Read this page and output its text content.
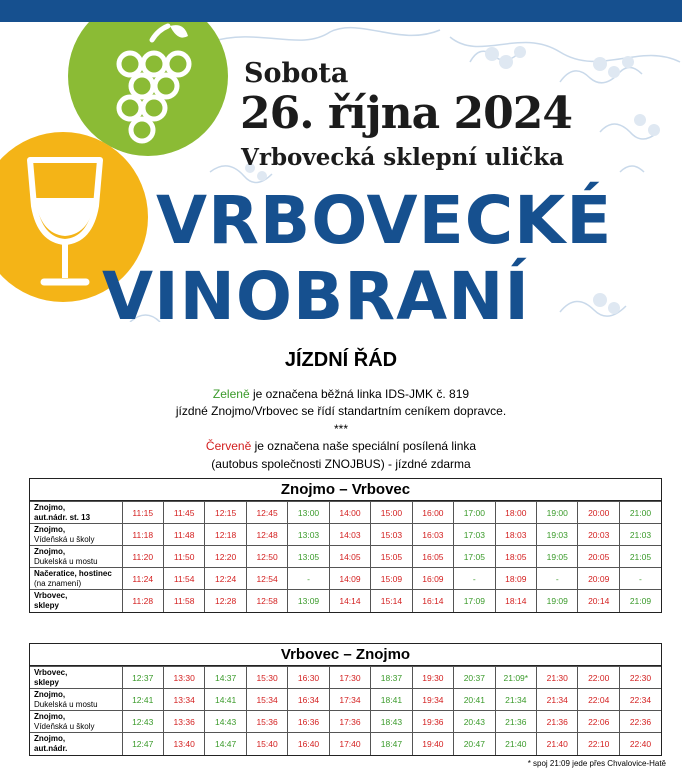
Sobota
26. října 2024
Vrbovecká sklepní ulička
VRBOVECKÉ
VINOBRANÍ
JÍZDNÍ ŘÁD
Zeleně je označena běžná linka IDS-JMK č. 819
jízdné Znojmo/Vrbovec se řídí standartním ceníkem dopravce.
***
Červeně je označena naše speciální posílená linka
(autobus společnosti ZNOJBUS) - jízdné zdarma
Znojmo – Vrbovec
Znojmo,
aut.nádr. st. 13	11:15	11:45	12:15	12:45	13:00	14:00	15:00	16:00	17:00	18:00	19:00	20:00	21:00
Znojmo,
Vídeňská u školy	11:18	11:48	12:18	12:48	13:03	14:03	15:03	16:03	17:03	18:03	19:03	20:03	21:03
Znojmo,
Dukelská u mostu	11:20	11:50	12:20	12:50	13:05	14:05	15:05	16:05	17:05	18:05	19:05	20:05	21:05
Načeratice, hostinec
(na znamení)	11:24	11:54	12:24	12:54	-	14:09	15:09	16:09	-	18:09	-	20:09	-
Vrbovec,
sklepy	11:28	11:58	12:28	12:58	13:09	14:14	15:14	16:14	17:09	18:14	19:09	20:14	21:09
Vrbovec – Znojmo
Vrbovec,
sklepy	12:37	13:30	14:37	15:30	16:30	17:30	18:37	19:30	20:37	21:09*	21:30	22:00	22:30
Znojmo,
Dukelská u mostu	12:41	13:34	14:41	15:34	16:34	17:34	18:41	19:34	20:41	21:34	21:34	22:04	22:34
Znojmo,
Vídeňská u školy	12:43	13:36	14:43	15:36	16:36	17:36	18:43	19:36	20:43	21:36	21:36	22:06	22:36
Znojmo,
aut.nádr.	12:47	13:40	14:47	15:40	16:40	17:40	18:47	19:40	20:47	21:40	21:40	22:10	22:40
* spoj 21:09 jede přes Chvalovice-Hatě
